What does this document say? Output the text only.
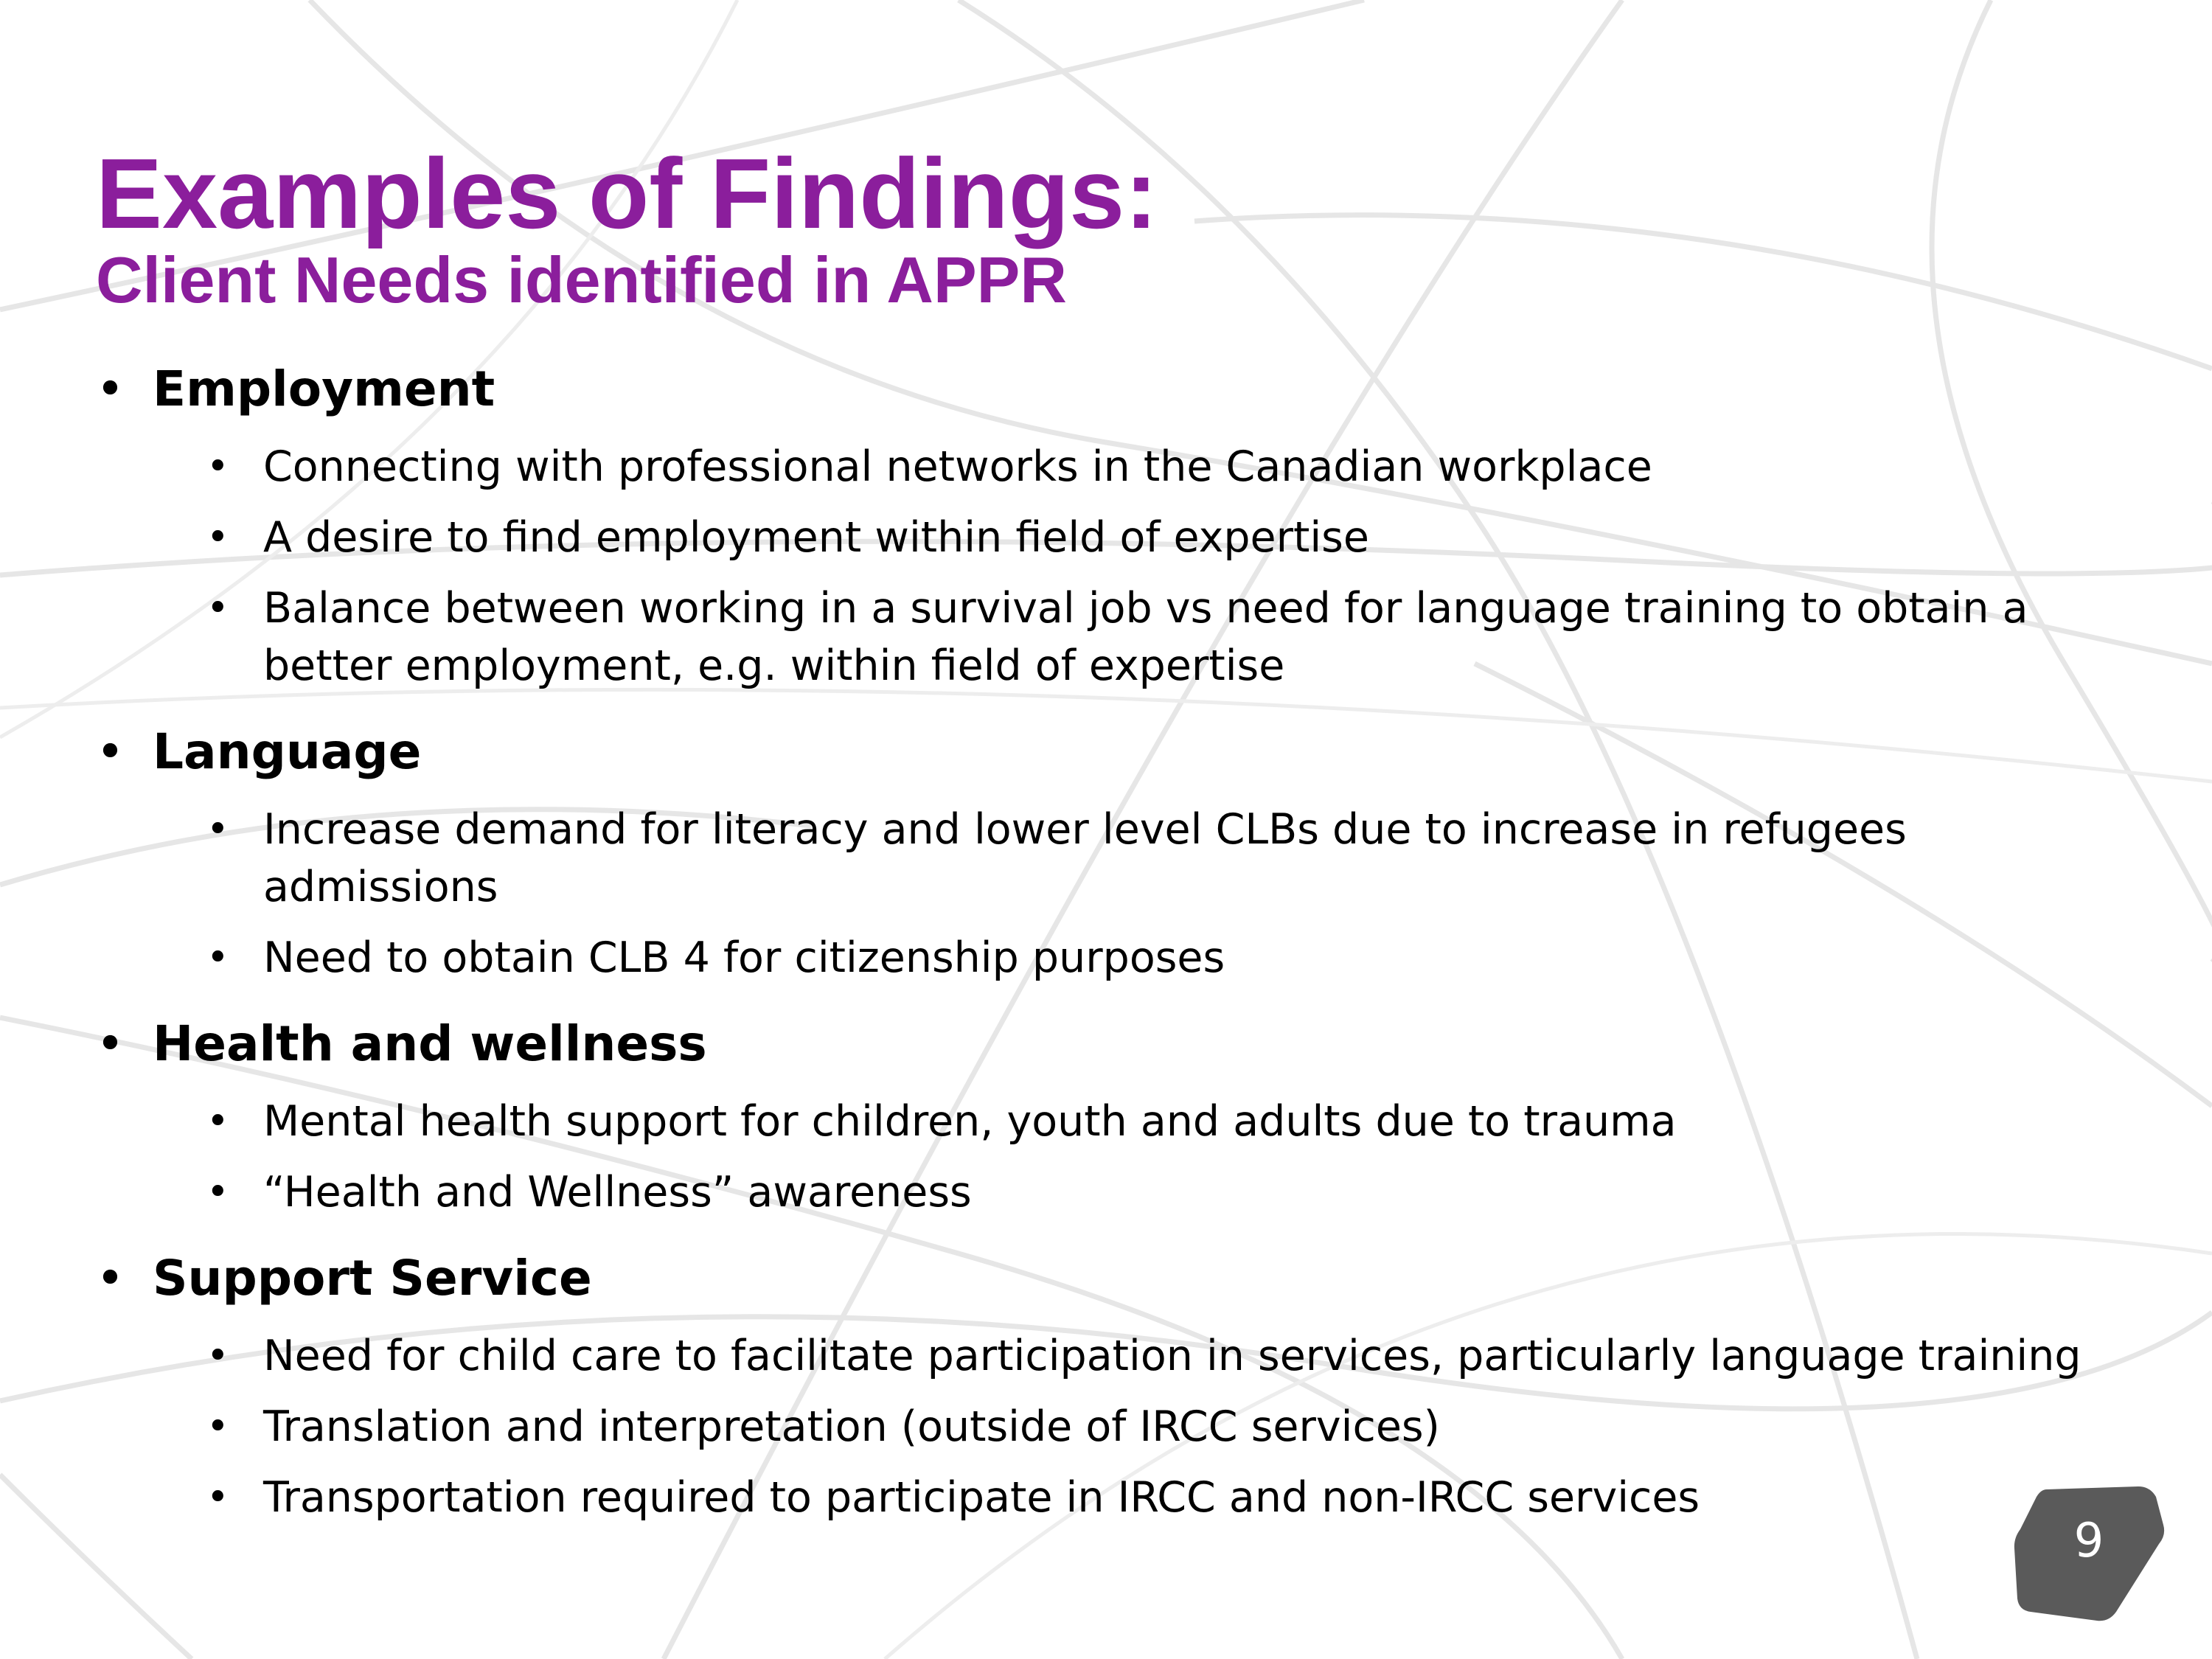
Examples of Findings:
Client Needs identified in APPR
• Employment
• Connecting with professional networks in the Canadian workplace
• A desire to find employment within field of expertise
• Balance between working in a survival job vs need for language training to obtain a better employment, e.g. within field of expertise
• Language
• Increase demand for literacy and lower level CLBs due to increase in refugees admissions
• Need to obtain CLB 4 for citizenship purposes
• Health and wellness
• Mental health support for children, youth and adults due to trauma
• “Health and Wellness” awareness
• Support Service
• Need for child care to facilitate participation in services, particularly language training
• Translation and interpretation (outside of IRCC services)
• Transportation required to participate in IRCC and non-IRCC services
9
